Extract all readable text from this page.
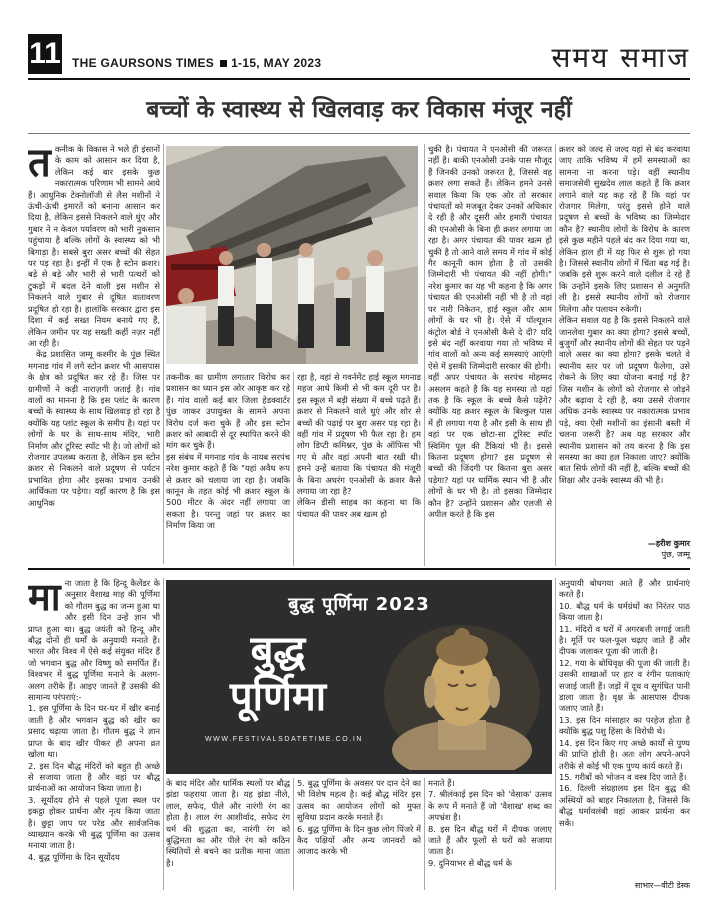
11 THE GAURSONS TIMES 1-15, MAY 2023	समय समाज
बच्चों के स्वास्थ्य से खिलवाड़ कर विकास मंजूर नहीं
त कनीक के विकास ने भले ही इंसानों के काम को आसान कर दिया है, लेकिन कई बार इसके कुछ नकारात्मक परिणाम भी सामने आये हैं। आधुनिक टेक्नोलॉजी से लैस मशीनों ने ऊंची-ऊंची इमारतें को बनाना आसान कर दिया है, लेकिन इससे निकलने वाले धुंए और गुबार ने न केवल पर्यावरण को भारी नुकसान पहुंचाया है बल्कि लोगों के स्वास्थ्य को भी बिगाड़ा है। सबसे बुरा असर बच्चों की सेहत पर पड़ रहा है। इन्हीं में एक है स्टोन क्रशर। बड़े से बड़े और भारी से भारी पत्थरों को टुकड़ों में बदल देने वाली इस मशीन से निकलने वाले गुबार से दूषित वातावरण प्रदूषित हो रहा है। हालांकि सरकार द्वारा इस दिशा में कई सख्त नियम बनाये गए हैं, लेकिन जमीन पर यह सख्ती कहीं नज़र नहीं आ रही है।

केंद्र प्रशासित जम्मू कश्मीर के पुंछ स्थित मगनाड गांव में लगे स्टोन क्रशर भी आसपास के क्षेत्र को प्रदूषित कर रहे हैं। जिस पर ग्रामीणों ने कड़ी नाराज़गी जताई है। गांव वालों का मानना है कि इस प्लांट के कारण बच्चों के स्वास्थ्य के साथ खिलवाड़ हो रहा है क्योंकि यह प्लांट स्कूल के समीप है। यहां पर लोगों के घर के साथ-साथ मंदिर, भारी निर्माण और टूरिस्ट स्पॉट भी है। जो लोगों को रोजगार उपलब्ध कराता है, लेकिन इस स्टोन क्रशर से निकलने वाले प्रदूषण से पर्यटन प्रभावित होगा और इसका प्रभाव उनकी आर्थिकता पर पड़ेगा। यहाँ कारण है कि इस आधुनिक

तकनीक का ग्रामीण लगातार विरोध कर प्रशासन का ध्यान इस ओर आकृष्ट कर रहे हैं। गांव वालों कई बार जिला हेडक्वार्टर पुंछ जाकर उपायुक्त के सामने अपना विरोध दर्ज करा चुके हैं और इस स्टोन क्रशर को आबादी से दूर स्थापित करने की मांग कर चुके हैं।
इस संबंध में मगनाड गांव के नायब सरपंच नरेश कुमार कहते हैं कि "यहां अवैध रूप से क्रशर को चलाया जा रहा है। जबकि कानून के तहत कोई भी क्रशर स्कूल के 500 मीटर के अंदर नहीं लगाया जा सकता है। परन्तु जहां पर क्रशर का निर्माण किया जा
रहा है, वहां से गवर्नमेंट हाई स्कूल मगनाड महज आधे किमी से भी कम दूरी पर है। इस स्कूल में बड़ी संख्या में बच्चे पढ़ते हैं। क्रशर से निकलने वाले धुएं और शोर से बच्चों की पढ़ाई पर बुरा असर पड़ रहा है। वहीं गांव में प्रदूषण भी फैल रहा है। हम लोग डिप्टी कमिश्नर, पुंछ के ऑफिस भी गए थे और वहां अपनी बात रखी थी। हमने उन्हें बताया कि पंचायत की मंजूरी के बिना अधरंग एनओसी के क्रशर कैसे लगाया जा रहा है?
लेकिन डीसी साहब का कहना था कि पंचायत की पावर अब खत्म हो
चुकी है। पंचायत ने एनओसी की जरूरत नहीं है। बाकी एनओसी उनके पास मौजूद हैं जिनकी उनको जरूरत है, जिससे वह क्रशर लगा सकते हैं। लेकिन हमने उनसे सवाल किया कि एक ओर तो सरकार पंचायतों को मजबूत देकर उनको अधिकार दे रही है और दूसरी ओर हमारी पंचायत की एनओसी के बिना ही क्रशर लगाया जा रहा है। अगर पंचायत की पावर खत्म हो चुकी है तो आने वाले समय में गांव में कोई गैर कानूनी काम होता है तो उसकी जिम्मेदारी भी पंचायत की नहीं होगी।" नरेश कुमार का यह भी कहना है कि अगर पंचायत की एनओसी नहीं भी है तो वहां पर नारी निकेतन, हाई स्कूल और आम लोगों के घर भी है। ऐसे में पॉल्यूशन कंट्रोल बोर्ड ने एनओसी कैसे दे दी? यदि इसे बंद नहीं करवाया गया तो भविष्य में गांव वालों को अन्य कई समस्याएं आएंगी ऐसे में इसकी जिम्मेदारी सरकार की होगी।
वहीं अपर पंचायत के सरपंच मोहम्मद असलम कहते हैं कि यह समस्या तो यहां तक है कि स्कूल के बच्चे कैसे पढ़ेंगे? क्योंकि यह क्रशर स्कूल के बिल्कुल पास में ही लगाया गया है और इसी के साथ ही वहां पर एक छोटा-सा टूरिस्ट स्पॉट स्विमिंग पूल की टैंकियां भी है। इससे कितना प्रदूषण होगा? इस प्रदूषण से बच्चों की जिंदगी पर कितना बुरा असर पड़ेगा? यहां पर धार्मिक स्थान भी है और लोगों के घर भी है। तो इसका जिम्मेदार कौन है? उन्होंने प्रशासन और एलजी से अपील करते है कि इस
क्रशर को जल्द से जल्द यहां से बंद करवाया जाए ताकि भविष्य में हमें समस्याओं का सामना ना करना पड़े। वहीं स्थानीय समाजसेवी सुखदेव लाल कहते हैं कि क्रशर लगाने वाले यह कह रहे हैं कि यहां पर रोजगार मिलेगा, परंतु इससे होने वाले प्रदूषण से बच्चों के भविष्य का जिम्मेदार कौन है? स्थानीय लोगों के विरोध के कारण इसे कुछ महीने पहले बंद कर दिया गया था, लेकिन हाल ही में यह फिर से शुरू हो गया है। जिससे स्थानीय लोगों में चिंता बढ़ गई है। जबकि इसे शुरू करने वाले दलील दे रहे हैं कि उन्होंने इसके लिए प्रशासन से अनुमति ली है। इससे स्थानीय लोगों को रोजगार मिलेगा और पलायन रुकेगी।
लेकिन सवाल यह है कि इससे निकलने वाले जानलेवा गुबार का क्या होगा? इससे बच्चों, बुजुर्गों और स्थानीय लोगों की सेहत पर पड़ने वाले असर का क्या होगा? इसके चलते वे स्थानीय स्तर पर जो प्रदूषण फैलेगा, उसे रोकने के लिए क्या योजना बनाई गई है? जिस मशीन के लोगों को रोजगार से जोड़ने और बढ़ावा दे रही है, क्या उससे रोजगार अधिक उनके स्वास्थ्य पर नकारात्मक प्रभाव पड़े, क्या ऐसी मशीनों का इंसानी बस्ती में चलना जरूरी है? अब यह सरकार और स्थानीय प्रशासन को तय करना है कि इस समस्या का क्या हल निकाला जाए? क्योंकि बात सिर्फ लोगों की नहीं है, बल्कि बच्चों की शिक्षा और उनके स्वास्थ्य की भी है।
—हरीश कुमार
पुंछ, जम्मू
मा ना जाता है कि हिन्दू कैलेंडर के अनुसार वैशाख माह की पूर्णिमा को गौतम बुद्ध का जन्म हुआ था और इसी दिन उन्हें ज्ञान भी प्राप्त हुआ था। बुद्ध जयंती को हिन्दू और बौद्ध दोनों ही धर्मों के अनुयायी मनाते हैं। भारत और विश्व में ऐसे कई संयुक्त मंदिर हैं जो भगवान बुद्ध और विष्णु को समर्पित हैं। विश्वभर में बुद्ध पूर्णिमा मनाने के अलग-अलग तरीके हैं। आइए जानते हैं उसकी की सामान्य परंपराएं:-
1. इस पूर्णिमा के दिन घर-घर में खीर बनाई जाती है और भगवान बुद्ध को खीर का प्रसाद चढ़ाया जाता है। गौतम बुद्ध ने ज्ञान प्राप्त के बाद खीर पीकर ही अपना व्रत खोला था।
2. इस दिन बौद्ध मंदिरों को बहुत ही अच्छे से सजाया जाता है और वहां पर बौद्ध प्रार्थनाओं का आयोजन किया जाता है।
3. सूर्योदय होने से पहले पूजा स्थल पर इकट्ठा होकर प्रार्थना और नृत्य किया जाता है। छुट्टा जाप पर परेड और सार्वजनिक व्याख्यान करके भी बुद्ध पूर्णिमा का उत्सव मनाया जाता है।
4. बुद्ध पूर्णिमा के दिन सूर्योदय
बुद्ध पूर्णिमा 2023
बुद्ध
पूर्णिमा
WWW.FESTIVALSDATETIME.CO.IN
के बाद मंदिर और धार्मिक स्थलों पर बौद्ध झंडा फहराया जाता है। यह झंडा नीले, लाल, सफेद, पीले और नारंगी रंग का होता है। लाल रंग आशीर्वाद, सफेद रंग धर्म की शुद्धता का, नारंगी रंग को बुद्धिमता का और पीले रंग को कठिन स्थितियों से बचने का प्रतीक माना जाता है।
5. बुद्ध पूर्णिमा के अवसर पर दान देने का भी विशेष महत्व है। कई बौद्ध मंदिर इस उत्सव का आयोजन लोगों को मुफ्त सुविधा प्रदान करके मनाते हैं।
6. बुद्ध पूर्णिमा के दिन कुछ लोग पिंजरे में कैद पक्षियों और अन्य जानवरों को आजाद करके भी
मनाते हैं।
7. श्रीलंकाई इस दिन को 'वेसाक' उत्सव के रूप में मनाते हैं जो 'वैशाख' शब्द का अपभ्रंश है।
8. इस दिन बौद्ध घरों में दीपक जलाए जाते हैं और फूलों से घरों को सजाया जाता है।
9. दुनियाभर से बौद्ध धर्म के
अनुयायी बोधगया आते हैं और प्रार्थनाएं करते हैं।
10. बौद्ध धर्म के धर्मग्रंथों का निरंतर पाठ किया जाता है।
11. मंदिरों व घरों में अगरबत्ती लगाई जाती है। मूर्ति पर फल-फूल चढ़ाए जाते हैं और दीपक जलाकर पूजा की जाती है।
12. गया के बोधिवृक्ष की पूजा की जाती है। उसकी शाखाओं पर हार व रंगीन पताकाएं सजाई जाती हैं। जड़ों में दूध व सुगंधित पानी डाला जाता है। वृक्ष के आसपास दीपक जलाए जाते हैं।
13. इस दिन मांसाहार का परहेज होता है क्योंकि बुद्ध पशु हिंसा के विरोधी थे।
14. इस दिन किए गए अच्छे कार्यों से पुण्य की प्राप्ति होती है। अतः लोग अपने-अपने तरीके से कोई भी एक पुण्य कार्य करते हैं।
15. गरीबों को भोजन व वस्त्र दिए जाते हैं।
16. दिल्ली संग्रहालय इस दिन बुद्ध की अस्थियों को बाहर निकालता है, जिससे कि बौद्ध धर्मावलंबी वहां आकर प्रार्थना कर सकें।
साभार—वीटी डेस्क
